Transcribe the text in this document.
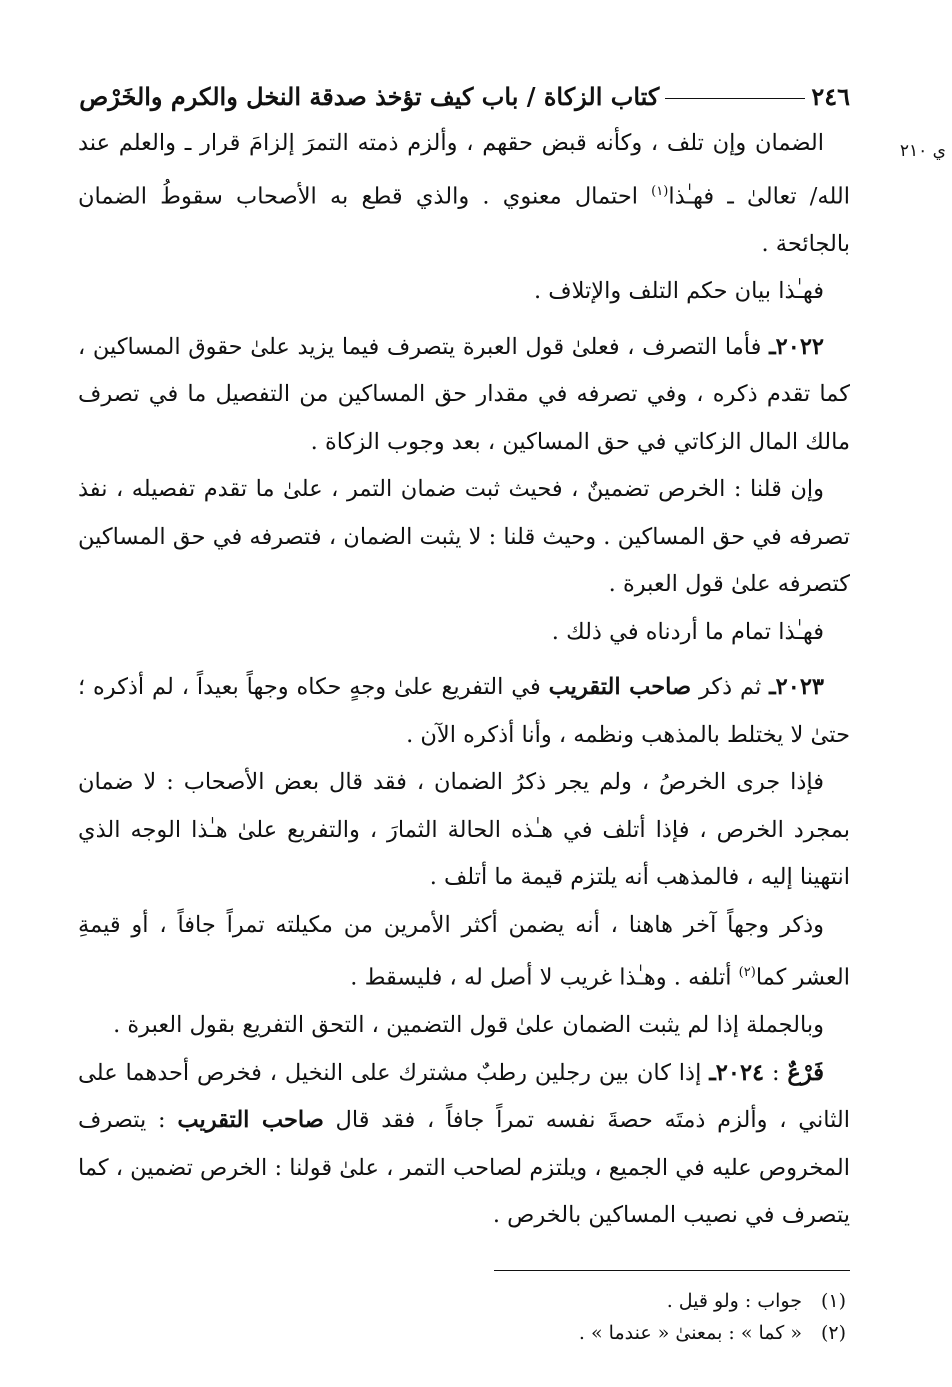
٢٤٦
كتاب الزكاة / باب كيف تؤخذ صدقة النخل والكرم والخَرْص

الضمان وإن تلف ، وكأنه قبض حقهم ، وألزم ذمته التمرَ إلزامَ قرار ـ والعلم عند الله/ تعالىٰ ـ فهـٰذا$^{(١)}$ احتمال معنوي . والذي قطع به الأصحاب سقوطُ الضمان بالجائحة .

فهـٰذا بيان حكم التلف والإتلاف .

٢٠٢٢ـ فأما التصرف ، فعلىٰ قول العبرة يتصرف فيما يزيد علىٰ حقوق المساكين ، كما تقدم ذكره ، وفي تصرفه في مقدار حق المساكين من التفصيل ما في تصرف مالك المال الزكاتي في حق المساكين ، بعد وجوب الزكاة .

وإن قلنا : الخرص تضمينٌ ، فحيث ثبت ضمان التمر ، علىٰ ما تقدم تفصيله ، نفذ تصرفه في حق المساكين . وحيث قلنا : لا يثبت الضمان ، فتصرفه في حق المساكين كتصرفه علىٰ قول العبرة .

فهـٰذا تمام ما أردناه في ذلك .

٢٠٢٣ـ ثم ذكر صاحب التقريب في التفريع علىٰ وجهٍ حكاه وجهاً بعيداً ، لم أذكره ؛ حتىٰ لا يختلط بالمذهب ونظمه ، وأنا أذكره الآن .

فإذا جرى الخرصُ ، ولم يجر ذكرُ الضمان ، فقد قال بعض الأصحاب : لا ضمان بمجرد الخرص ، فإذا أتلف في هـٰذه الحالة الثمارَ ، والتفريع علىٰ هـٰذا الوجه الذي انتهينا إليه ، فالمذهب أنه يلتزم قيمة ما أتلف .

وذكر وجهاً آخر هاهنا ، أنه يضمن أكثر الأمرين من مكيلته تمراً جافاً ، أو قيمةِ العشر كما$^{(٢)}$ أتلفه . وهـٰذا غريب لا أصل له ، فليسقط .

وبالجملة إذا لم يثبت الضمان علىٰ قول التضمين ، التحق التفريع بقول العبرة .

فَرْعٌ : ٢٠٢٤ـ إذا كان بين رجلين رطبٌ مشترك على النخيل ، فخرص أحدهما على الثاني ، وألزم ذمتَه حصةَ نفسه تمراً جافاً ، فقد قال صاحب التقريب : يتصرف المخروص عليه في الجميع ، ويلتزم لصاحب التمر ، علىٰ قولنا : الخرص تضمين ، كما يتصرف في نصيب المساكين بالخرص .

(١)جواب : ولو قيل .
(٢)« كما » : بمعنىٰ « عندما » .
ي ٢١٠
